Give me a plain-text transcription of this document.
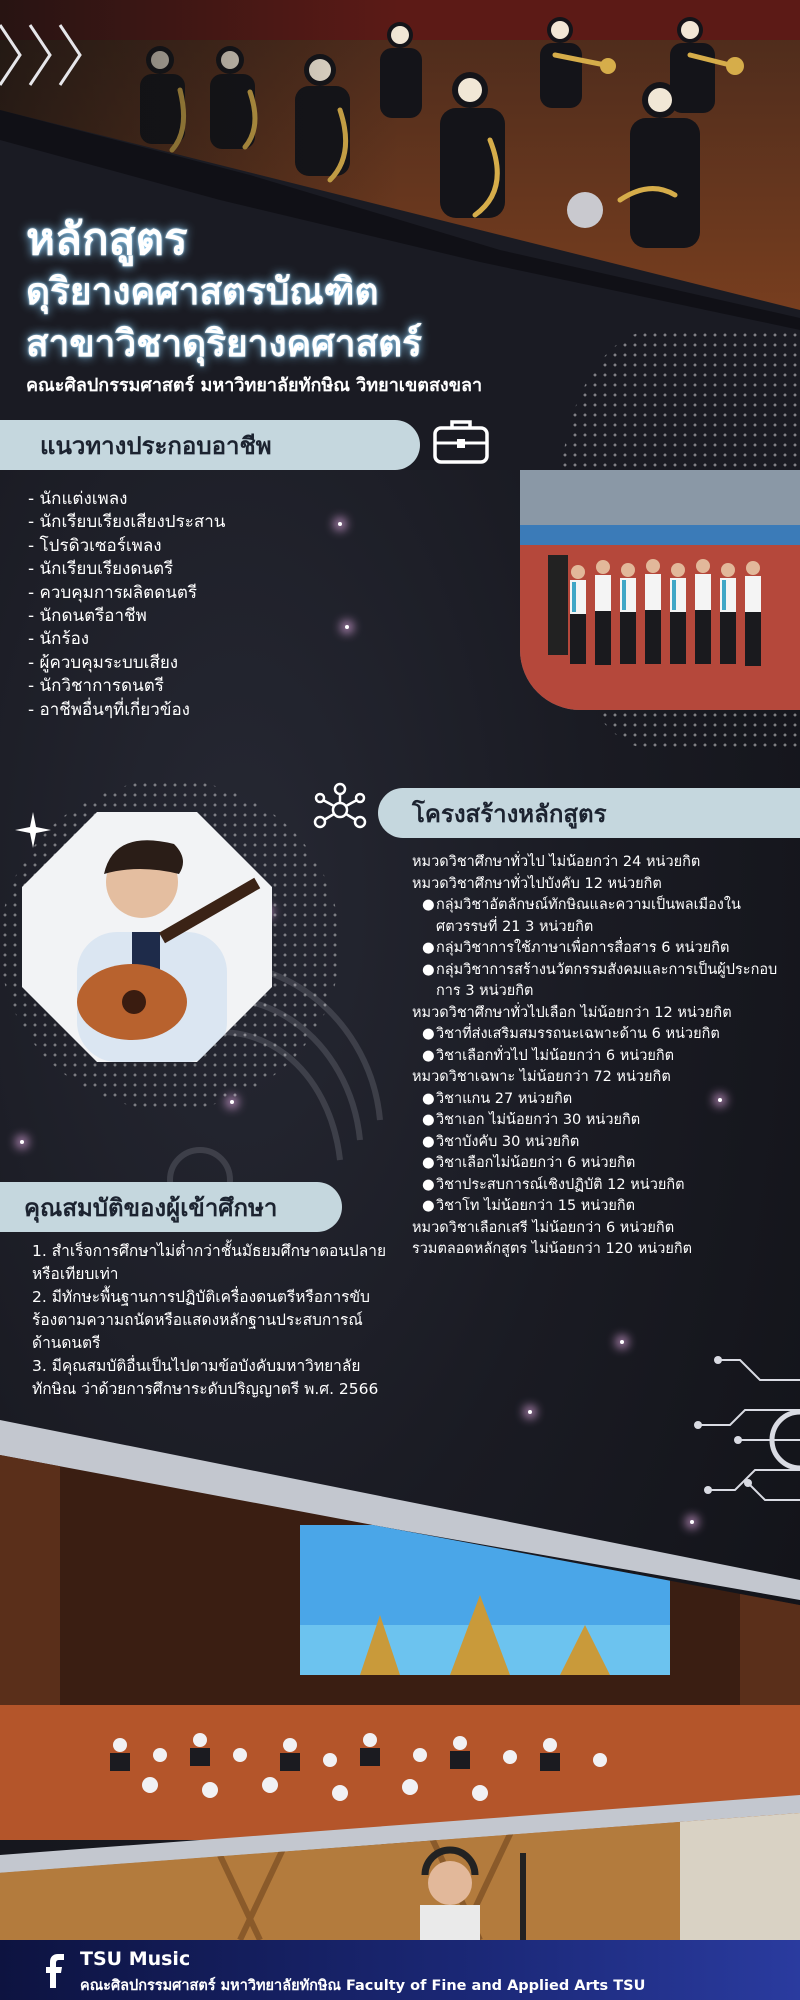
หลักสูตร
ดุริยางคศาสตรบัณฑิต
สาขาวิชาดุริยางคศาสตร์
คณะศิลปกรรมศาสตร์ มหาวิทยาลัยทักษิณ วิทยาเขตสงขลา
แนวทางประกอบอาชีพ
- นักแต่งเพลง
- นักเรียบเรียงเสียงประสาน
- โปรดิวเซอร์เพลง
- นักเรียบเรียงดนตรี
- ควบคุมการผลิตดนตรี
- นักดนตรีอาชีพ
- นักร้อง
- ผู้ควบคุมระบบเสียง
- นักวิชาการดนตรี
- อาชีพอื่นๆที่เกี่ยวข้อง
โครงสร้างหลักสูตร
หมวดวิชาศึกษาทั่วไป ไม่น้อยกว่า 24 หน่วยกิต
หมวดวิชาศึกษาทั่วไปบังคับ 12 หน่วยกิต
● กลุ่มวิชาอัตลักษณ์ทักษิณและความเป็นพลเมืองในศตวรรษที่ 21 3 หน่วยกิต
● กลุ่มวิชาการใช้ภาษาเพื่อการสื่อสาร 6 หน่วยกิต
● กลุ่มวิชาการสร้างนวัตกรรมสังคมและการเป็นผู้ประกอบการ 3 หน่วยกิต
หมวดวิชาศึกษาทั่วไปเลือก ไม่น้อยกว่า 12 หน่วยกิต
● วิชาที่ส่งเสริมสมรรถนะเฉพาะด้าน 6 หน่วยกิต
● วิชาเลือกทั่วไป ไม่น้อยกว่า 6 หน่วยกิต
หมวดวิชาเฉพาะ ไม่น้อยกว่า 72 หน่วยกิต
● วิชาแกน 27 หน่วยกิต
● วิชาเอก ไม่น้อยกว่า 30 หน่วยกิต
● วิชาบังคับ 30 หน่วยกิต
● วิชาเลือกไม่น้อยกว่า 6 หน่วยกิต
● วิชาประสบการณ์เชิงปฏิบัติ 12 หน่วยกิต
● วิชาโท ไม่น้อยกว่า 15 หน่วยกิต
หมวดวิชาเลือกเสรี ไม่น้อยกว่า 6 หน่วยกิต
รวมตลอดหลักสูตร ไม่น้อยกว่า 120 หน่วยกิต
คุณสมบัติของผู้เข้าศึกษา
1. สำเร็จการศึกษาไม่ต่ำกว่าชั้นมัธยมศึกษาตอนปลายหรือเทียบเท่า
2. มีทักษะพื้นฐานการปฏิบัติเครื่องดนตรีหรือการขับร้องตามความถนัดหรือแสดงหลักฐานประสบการณ์ด้านดนตรี
3. มีคุณสมบัติอื่นเป็นไปตามข้อบังคับมหาวิทยาลัยทักษิณ ว่าด้วยการศึกษาระดับปริญญาตรี พ.ศ. 2566
TSU Music
คณะศิลปกรรมศาสตร์ มหาวิทยาลัยทักษิณ Faculty of Fine and Applied Arts TSU
